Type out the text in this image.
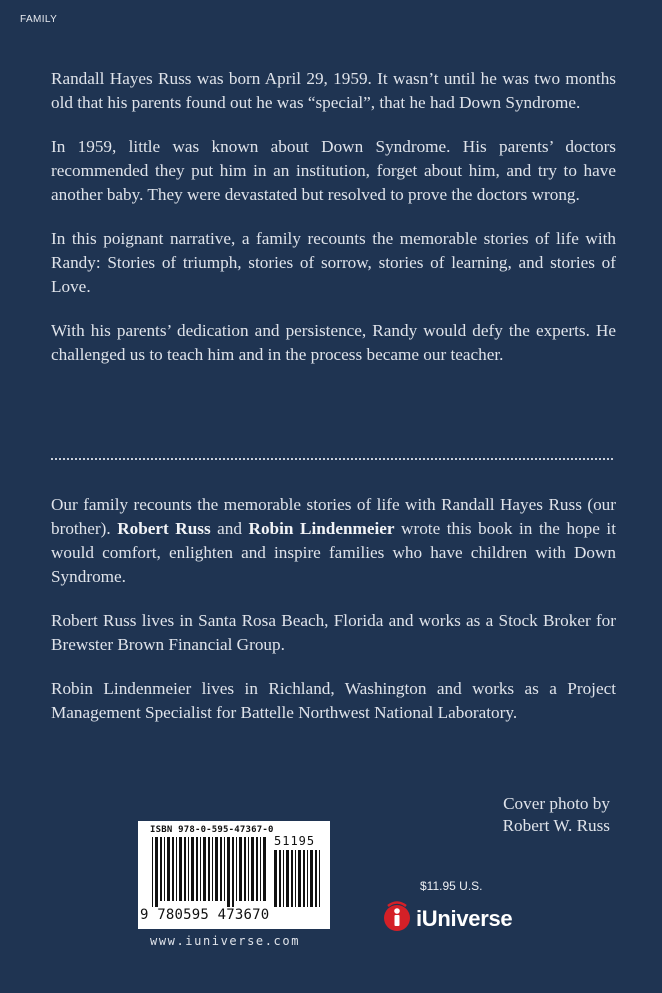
FAMILY

Randall Hayes Russ was born April 29, 1959. It wasn’t until he was two months old that his parents found out he was “special”, that he had Down Syndrome.

In 1959, little was known about Down Syndrome. His parents’ doctors recommended they put him in an institution, forget about him, and try to have another baby. They were devastated but resolved to prove the doctors wrong.

In this poignant narrative, a family recounts the memorable stories of life with Randy: Stories of triumph, stories of sorrow, stories of learning, and stories of Love.

With his parents’ dedication and persistence, Randy would defy the experts. He challenged us to teach him and in the process became our teacher.

Our family recounts the memorable stories of life with Randall Hayes Russ (our brother). Robert Russ and Robin Lindenmeier wrote this book in the hope it would comfort, enlighten and inspire families who have children with Down Syndrome.

Robert Russ lives in Santa Rosa Beach, Florida and works as a Stock Broker for Brewster Brown Financial Group.

Robin Lindenmeier lives in Richland, Washington and works as a Project Management Specialist for Battelle Northwest National Laboratory.

Cover photo by
Robert W. Russ
ISBN 978-0-595-47367-0
51195
9 780595 473670
www.iuniverse.com
$11.95 U.S.
iUniverse
